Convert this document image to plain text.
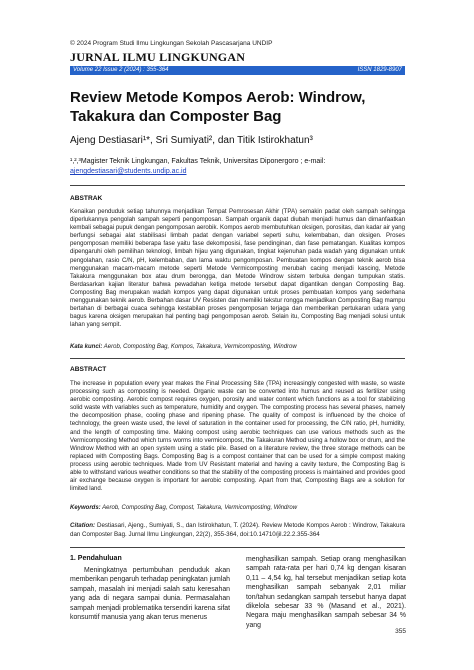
© 2024 Program Studi Ilmu Lingkungan Sekolah Pascasarjana UNDIP
JURNAL ILMU LINGKUNGAN
Volume 22 Issue 2 (2024) : 355-364	ISSN 1829-8907
Review Metode Kompos Aerob: Windrow, Takakura dan Composter Bag
Ajeng Destiasari¹*, Sri Sumiyati², dan Titik Istirokhatun³
¹,²,³Magister Teknik Lingkungan, Fakultas Teknik, Universitas Diponergoro ; e-mail:
ajengdestiasari@students.undip.ac.id
ABSTRAK

Kenaikan penduduk setiap tahunnya menjadikan Tempat Pemrosesan Akhir (TPA) semakin padat oleh sampah sehingga diperlukannya pengolah sampah seperti pengomposan. Sampah organik dapat diubah menjadi humus dan dimanfaatkan kembali sebagai pupuk dengan pengomposan aerobik. Kompos aerob membutuhkan oksigen, porositas, dan kadar air yang berfungsi sebagai alat stabilisasi limbah padat dengan variabel seperti suhu, kelembaban, dan oksigen. Proses pengomposan memiliki beberapa fase yaitu fase dekomposisi, fase pendinginan, dan fase pematangan. Kualitas kompos dipengaruhi oleh pemilihan teknologi, limbah hijau yang digunakan, tingkat kejenuhan pada wadah yang digunakan untuk pengolahan, rasio C/N, pH, kelembaban, dan lama waktu pengomposan. Pembuatan kompos dengan teknik aerob bisa menggunakan macam-macam metode seperti Metode Vermicomposting merubah cacing menjadi kascing, Metode Takakura menggunakan box atau drum berongga, dan Metode Windrow sistem terbuka dengan tumpukan statis. Berdasarkan kajian literatur bahwa pewadahan ketiga metode tersebut dapat digantikan dengan Composting Bag. Composting Bag merupakan wadah kompos yang dapat digunakan untuk proses pembuatan kompos yang sederhana menggunakan teknik aerob. Berbahan dasar UV Resisten dan memiliki tekstur rongga menjadikan Composting Bag mampu bertahan di berbagai cuaca sehingga kestabilan proses pengomposan terjaga dan memberikan pertukaran udara yang bagus karena oksigen merupakan hal penting bagi pengomposan aerob. Selain itu, Composting Bag menjadi solusi untuk lahan yang sempit.

Kata kunci: Aerob, Composting Bag, Kompos, Takakura, Vermicomposting, Windrow
ABSTRACT

The increase in population every year makes the Final Processing Site (TPA) increasingly congested with waste, so waste processing such as composting is needed. Organic waste can be converted into humus and reused as fertilizer using aerobic composting. Aerobic compost requires oxygen, porosity and water content which functions as a tool for stabilizing solid waste with variables such as temperature, humidity and oxygen. The composting process has several phases, namely the decomposition phase, cooling phase and ripening phase. The quality of compost is influenced by the choice of technology, the green waste used, the level of saturation in the container used for processing, the C/N ratio, pH, humidity, and the length of composting time. Making compost using aerobic techniques can use various methods such as the Vermicomposting Method which turns worms into vermicompost, the Takakuran Method using a hollow box or drum, and the Windrow Method with an open system using a static pile. Based on a literature review, the three storage methods can be replaced with Composting Bags. Composting Bag is a compost container that can be used for a simple compost making process using aerobic techniques. Made from UV Resistant material and having a cavity texture, the Composting Bag is able to withstand various weather conditions so that the stability of the composting process is maintained and provides good air exchange because oxygen is important for aerobic composting. Apart from that, Composting Bags are a solution for limited land.

Keywords: Aerob, Composting Bag, Compost, Takakura, Vermicomposting, Windrow
Citation: Destiasari, Ajeng., Sumiyati, S., dan Istirokhatun, T. (2024). Review Metode Kompos Aerob : Windrow, Takakura dan Composter Bag. Jurnal Ilmu Lingkungan, 22(2), 355-364, doi:10.14710/jil.22.2.355-364
1. Pendahuluan

Meningkatnya pertumbuhan penduduk akan memberikan pengaruh terhadap peningkatan jumlah sampah, masalah ini menjadi salah satu keresahan yang ada di negara sampai dunia. Permasalahan sampah menjadi problematika tersendiri karena sifat konsumtif manusia yang akan terus menerus

menghasilkan sampah. Setiap orang menghasilkan sampah rata-rata per hari 0,74 kg dengan kisaran 0,11 – 4,54 kg, hal tersebut menjadikan setiap kota menghasilkan sampah sebanyak 2,01 miliar ton/tahun sedangkan sampah tersebut hanya dapat dikelola sebesar 33 % (Masand et al., 2021). Negara maju menghasilkan sampah sebesar 34 % yang

355
